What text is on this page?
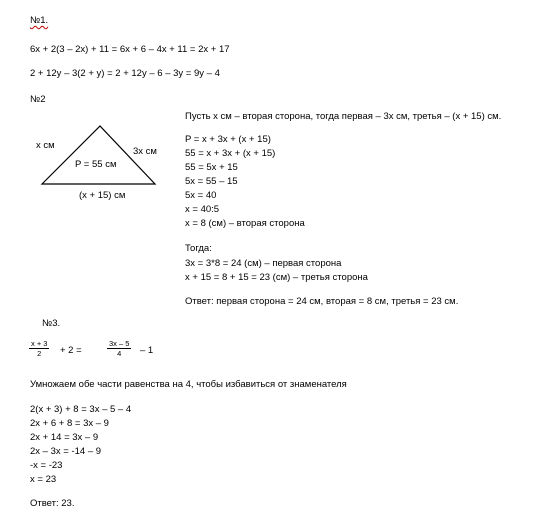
№1.
6x + 2(3 – 2x) + 11 = 6x + 6 – 4x + 11 = 2x + 17
2 + 12y – 3(2 + y) = 2 + 12y – 6 – 3y = 9y – 4
№2
x см
3x см
P = 55 см
(x + 15) см
Пусть x см – вторая сторона, тогда первая – 3x см, третья – (x + 15) см.
P = x + 3x + (x + 15)
55 = x + 3x + (x + 15)
55 = 5x + 15
5x = 55 – 15
5x = 40
x = 40:5
x = 8 (см) – вторая сторона
Тогда:
3x = 3*8 = 24 (см) – первая сторона
x + 15 = 8 + 15 = 23 (см) – третья сторона
Ответ: первая сторона = 24 см, вторая = 8 см, третья = 23 см.
№3.
$\frac{x + 3}{2} + 2$ =	$\frac{3x - 5}{4} - 1$
Умножаем обе части равенства на 4, чтобы избавиться от знаменателя
2(x + 3) + 8 = 3x – 5 – 4
2x + 6 + 8 = 3x – 9
2x + 14 = 3x – 9
2x – 3x = -14 – 9
-x = -23
x = 23
Ответ: 23.
